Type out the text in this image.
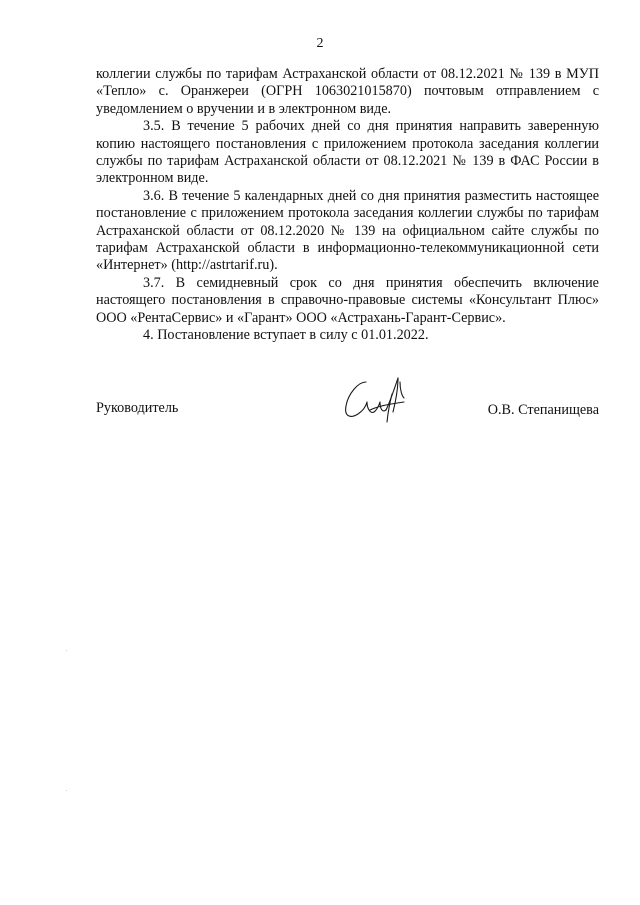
2

коллегии службы по тарифам Астраханской области от 08.12.2021 № 139 в МУП «Тепло» с. Оранжереи (ОГРН 1063021015870) почтовым отправлением с уведомлением о вручении и в электронном виде.

3.5. В течение 5 рабочих дней со дня принятия направить заверенную копию настоящего постановления с приложением протокола заседания коллегии службы по тарифам Астраханской области от 08.12.2021 № 139 в ФАС России в электронном виде.

3.6. В течение 5 календарных дней со дня принятия разместить настоящее постановление с приложением протокола заседания коллегии службы по тарифам Астраханской области от 08.12.2020 № 139 на официальном сайте службы по тарифам Астраханской области в информационно-телекоммуникационной сети «Интернет» (http://astrtarif.ru).

3.7. В семидневный срок со дня принятия обеспечить включение настоящего постановления в справочно-правовые системы «Консультант Плюс» ООО «РентаСервис» и «Гарант» ООО «Астрахань-Гарант-Сервис».

4. Постановление вступает в силу с 01.01.2022.

Руководитель	О.В. Степанищева
